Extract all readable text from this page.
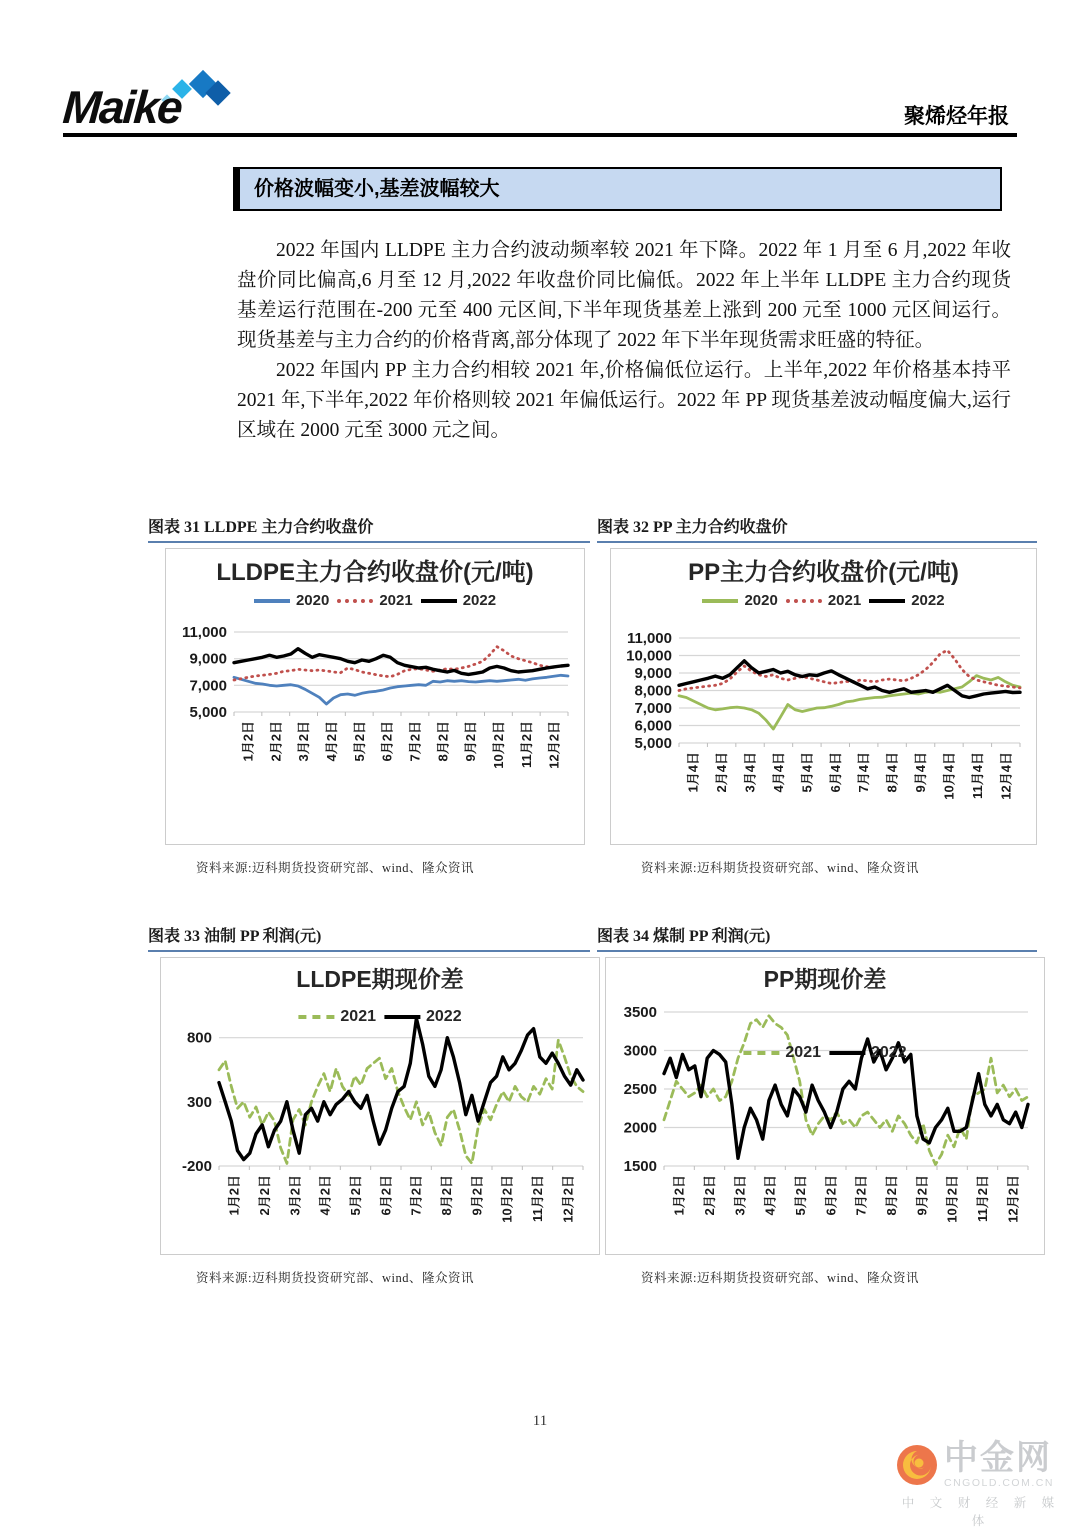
Maike	聚烯烃年报
价格波幅变小,基差波幅较大

2022 年国内 LLDPE 主力合约波动频率较 2021 年下降。2022 年 1 月至 6 月,2022 年收盘价同比偏高,6 月至 12 月,2022 年收盘价同比偏低。2022 年上半年 LLDPE 主力合约现货基差运行范围在-200 元至 400 元区间,下半年现货基差上涨到 200 元至 1000 元区间运行。现货基差与主力合约的价格背离,部分体现了 2022 年下半年现货需求旺盛的特征。

2022 年国内 PP 主力合约相较 2021 年,价格偏低位运行。上半年,2022 年价格基本持平 2021 年,下半年,2022 年价格则较 2021 年偏低运行。2022 年 PP 现货基差波动幅度偏大,运行区域在 2000 元至 3000 元之间。

图表 31 LLDPE 主力合约收盘价	图表 32 PP 主力合约收盘价
LLDPE主力合约收盘价(元/吨)
2020	2021	2022
5,000
7,000
9,000
11,000
1月2日 2月2日 3月2日 4月2日 5月2日 6月2日 7月2日 8月2日 9月2日 10月2日 11月2日 12月2日
PP主力合约收盘价(元/吨)
2020	2021	2022
5,000
6,000
7,000
8,000
9,000
10,000
11,000
1月4日 2月4日 3月4日 4月4日 5月4日 6月4日 7月4日 8月4日 9月4日 10月4日 11月4日 12月4日
资料来源:迈科期货投资研究部、wind、隆众资讯	资料来源:迈科期货投资研究部、wind、隆众资讯
图表 33 油制 PP 利润(元)	图表 34 煤制 PP 利润(元)
LLDPE期现价差
2021	2022
-200
300
800
1月2日 2月2日 3月2日 4月2日 5月2日 6月2日 7月2日 8月2日 9月2日 10月2日 11月2日 12月2日
PP期现价差
2021	2022
1500
2000
2500
3000
3500
1月2日 2月2日 3月2日 4月2日 5月2日 6月2日 7月2日 8月2日 9月2日 10月2日 11月2日 12月2日
资料来源:迈科期货投资研究部、wind、隆众资讯	资料来源:迈科期货投资研究部、wind、隆众资讯
11
中金网
CNGOLD.COM.CN
中 文 财 经 新 媒 体
